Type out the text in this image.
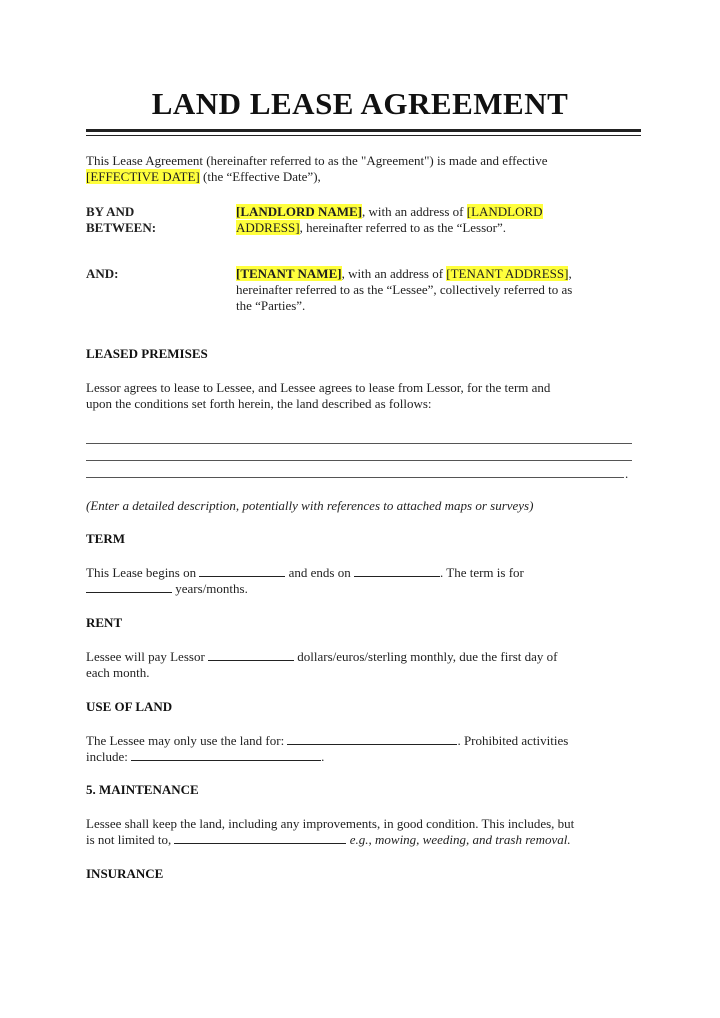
LAND LEASE AGREEMENT
This Lease Agreement (hereinafter referred to as the "Agreement") is made and effective
[EFFECTIVE DATE] (the “Effective Date”),
BY AND
BETWEEN:
[LANDLORD NAME], with an address of [LANDLORD
ADDRESS], hereinafter referred to as the “Lessor”.
AND:	[TENANT NAME], with an address of [TENANT ADDRESS],
hereinafter referred to as the “Lessee”, collectively referred to as
the “Parties”.
LEASED PREMISES
Lessor agrees to lease to Lessee, and Lessee agrees to lease from Lessor, for the term and
upon the conditions set forth herein, the land described as follows:
.
(Enter a detailed description, potentially with references to attached maps or surveys)
TERM
This Lease begins on	and ends on	. The term is for
years/months.
RENT
Lessee will pay Lessor	dollars/euros/sterling monthly, due the first day of
each month.
USE OF LAND
The Lessee may only use the land for:	. Prohibited activities
include:	.
5. MAINTENANCE
Lessee shall keep the land, including any improvements, in good condition. This includes, but
is not limited to,	e.g., mowing, weeding, and trash removal.
INSURANCE
